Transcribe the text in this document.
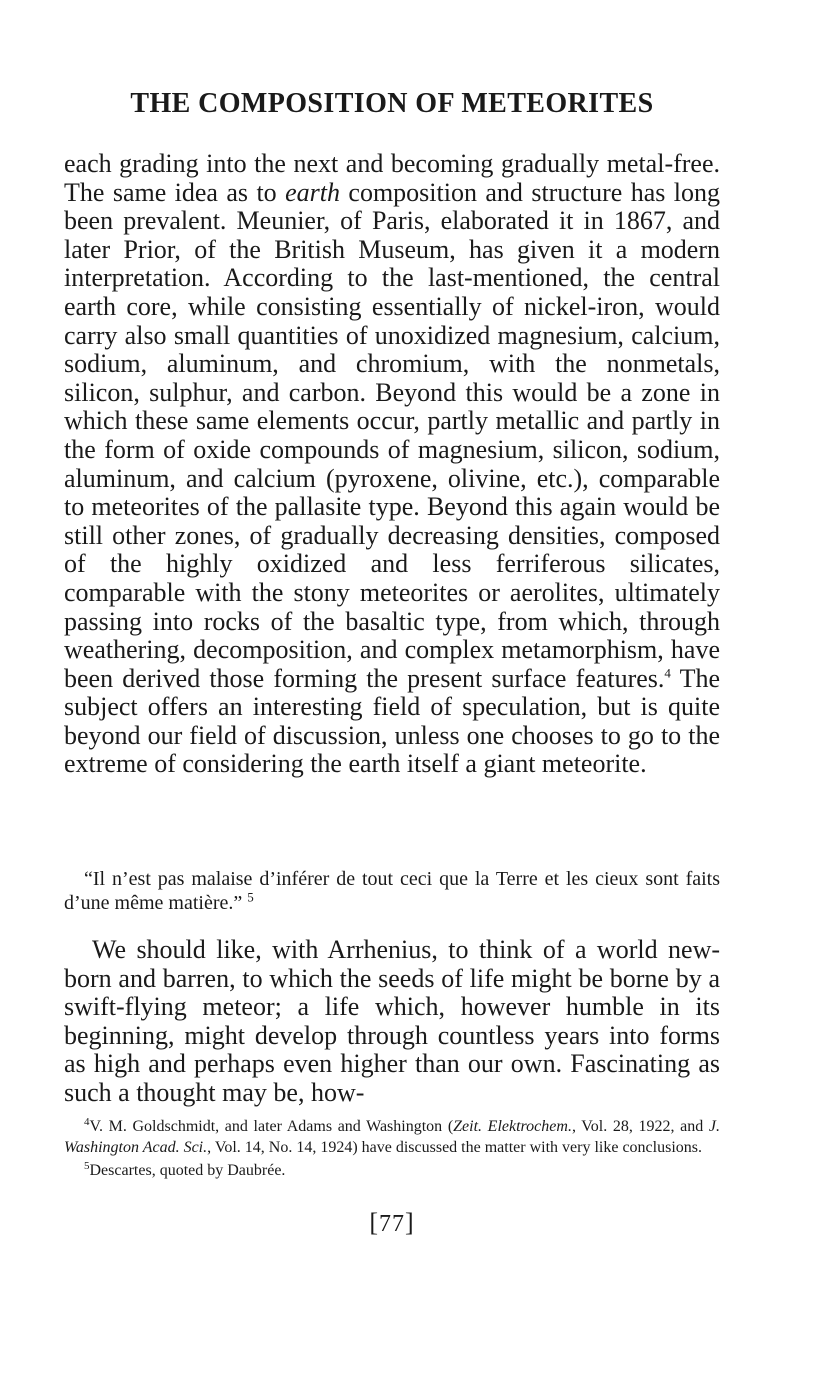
THE COMPOSITION OF METEORITES

each grading into the next and becoming gradually metal-free. The same idea as to earth composition and structure has long been prevalent. Meunier, of Paris, elaborated it in 1867, and later Prior, of the British Museum, has given it a modern interpretation. According to the last-mentioned, the central earth core, while consisting essentially of nickel-iron, would carry also small quantities of unoxidized magnesium, calcium, sodium, aluminum, and chromium, with the nonmetals, silicon, sulphur, and carbon. Beyond this would be a zone in which these same elements occur, partly metallic and partly in the form of oxide compounds of magnesium, silicon, sodium, aluminum, and calcium (pyroxene, olivine, etc.), comparable to meteorites of the pallasite type. Beyond this again would be still other zones, of gradually decreasing densities, composed of the highly oxidized and less ferriferous silicates, comparable with the stony meteorites or aerolites, ultimately passing into rocks of the basaltic type, from which, through weathering, decomposition, and complex metamorphism, have been derived those forming the present surface features.$^4$ The subject offers an interesting field of speculation, but is quite beyond our field of discussion, unless one chooses to go to the extreme of considering the earth itself a giant meteorite.

“Il n’est pas malaise d’inférer de tout ceci que la Terre et les cieux sont faits d’une même matière.” $^5$

We should like, with Arrhenius, to think of a world new-born and barren, to which the seeds of life might be borne by a swift-flying meteor; a life which, however humble in its beginning, might develop through countless years into forms as high and perhaps even higher than our own. Fascinating as such a thought may be, how-

$^4$V. M. Goldschmidt, and later Adams and Washington (Zeit. Elektrochem., Vol. 28, 1922, and J. Washington Acad. Sci., Vol. 14, No. 14, 1924) have discussed the matter with very like conclusions.

$^5$Descartes, quoted by Daubrée.

[77]
